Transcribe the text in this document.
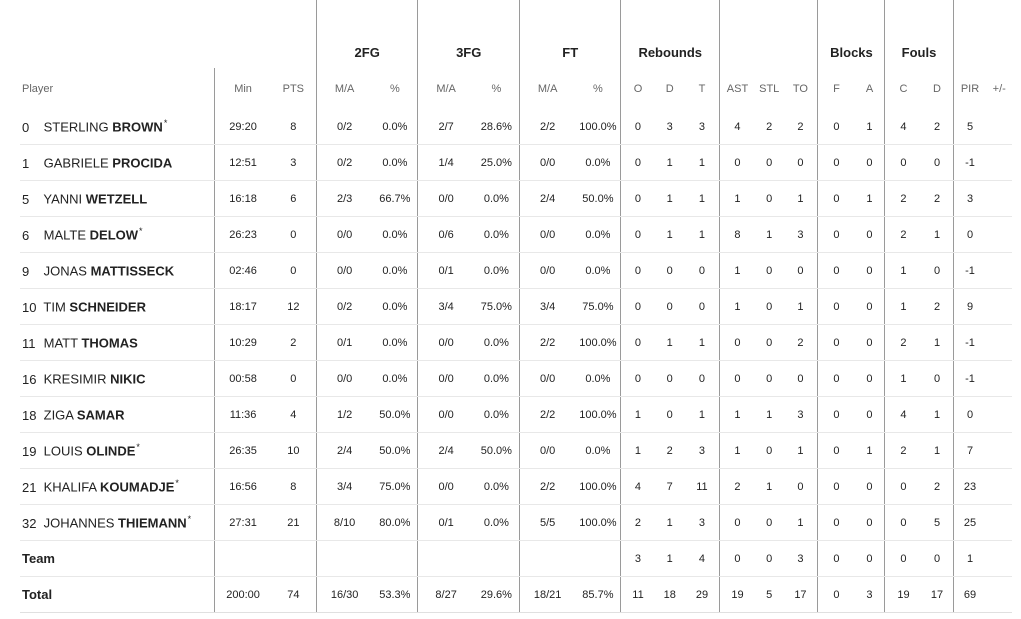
			2FG		3FG		FT		Rebounds						Blocks		Fouls			
Player	Min	PTS	M/A	%	M/A	%	M/A	%	O	D	T	AST	STL	TO	F	A	C	D	PIR	+/-
0 STERLING BROWN*	29:20	8	0/2	0.0%	2/7	28.6%	2/2	100.0%	0	3	3	4	2	2	0	1	4	2	5	
1 GABRIELE PROCIDA	12:51	3	0/2	0.0%	1/4	25.0%	0/0	0.0%	0	1	1	0	0	0	0	0	0	0	-1	
5 YANNI WETZELL	16:18	6	2/3	66.7%	0/0	0.0%	2/4	50.0%	0	1	1	1	0	1	0	1	2	2	3	
6 MALTE DELOW*	26:23	0	0/0	0.0%	0/6	0.0%	0/0	0.0%	0	1	1	8	1	3	0	0	2	1	0	
9 JONAS MATTISSECK	02:46	0	0/0	0.0%	0/1	0.0%	0/0	0.0%	0	0	0	1	0	0	0	0	1	0	-1	
10 TIM SCHNEIDER	18:17	12	0/2	0.0%	3/4	75.0%	3/4	75.0%	0	0	0	1	0	1	0	0	1	2	9	
11 MATT THOMAS	10:29	2	0/1	0.0%	0/0	0.0%	2/2	100.0%	0	1	1	0	0	2	0	0	2	1	-1	
16 KRESIMIR NIKIC	00:58	0	0/0	0.0%	0/0	0.0%	0/0	0.0%	0	0	0	0	0	0	0	0	1	0	-1	
18 ZIGA SAMAR	11:36	4	1/2	50.0%	0/0	0.0%	2/2	100.0%	1	0	1	1	1	3	0	0	4	1	0	
19 LOUIS OLINDE*	26:35	10	2/4	50.0%	2/4	50.0%	0/0	0.0%	1	2	3	1	0	1	0	1	2	1	7	
21 KHALIFA KOUMADJE*	16:56	8	3/4	75.0%	0/0	0.0%	2/2	100.0%	4	7	11	2	1	0	0	0	0	2	23	
32 JOHANNES THIEMANN*	27:31	21	8/10	80.0%	0/1	0.0%	5/5	100.0%	2	1	3	0	0	1	0	0	0	5	25	
Team									3	1	4	0	0	3	0	0	0	0	1	
Total	200:00	74	16/30	53.3%	8/27	29.6%	18/21	85.7%	11	18	29	19	5	17	0	3	19	17	69	
